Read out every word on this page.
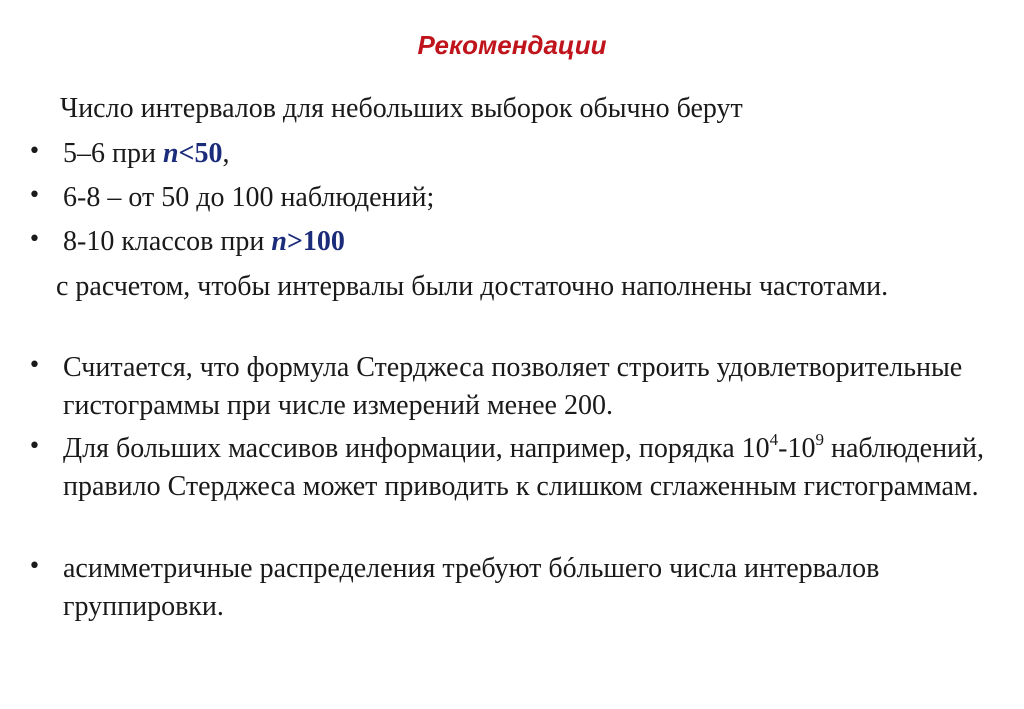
Рекомендации

Число интервалов для небольших выборок обычно берут

• 5–6 при n<50,
• 6-8 – от 50 до 100 наблюдений;
• 8-10 классов при n>100

с расчетом, чтобы интервалы были достаточно наполнены частотами.

• Считается, что формула Стерджеса позволяет строить удовлетворительные гистограммы при числе измерений менее 200.
• Для больших массивов информации, например, порядка $10^4-10^9$ наблюдений, правило Стерджеса может приводить к слишком сглаженным гистограммам.
• асимметричные распределения требуют бóльшего числа интервалов группировки.
